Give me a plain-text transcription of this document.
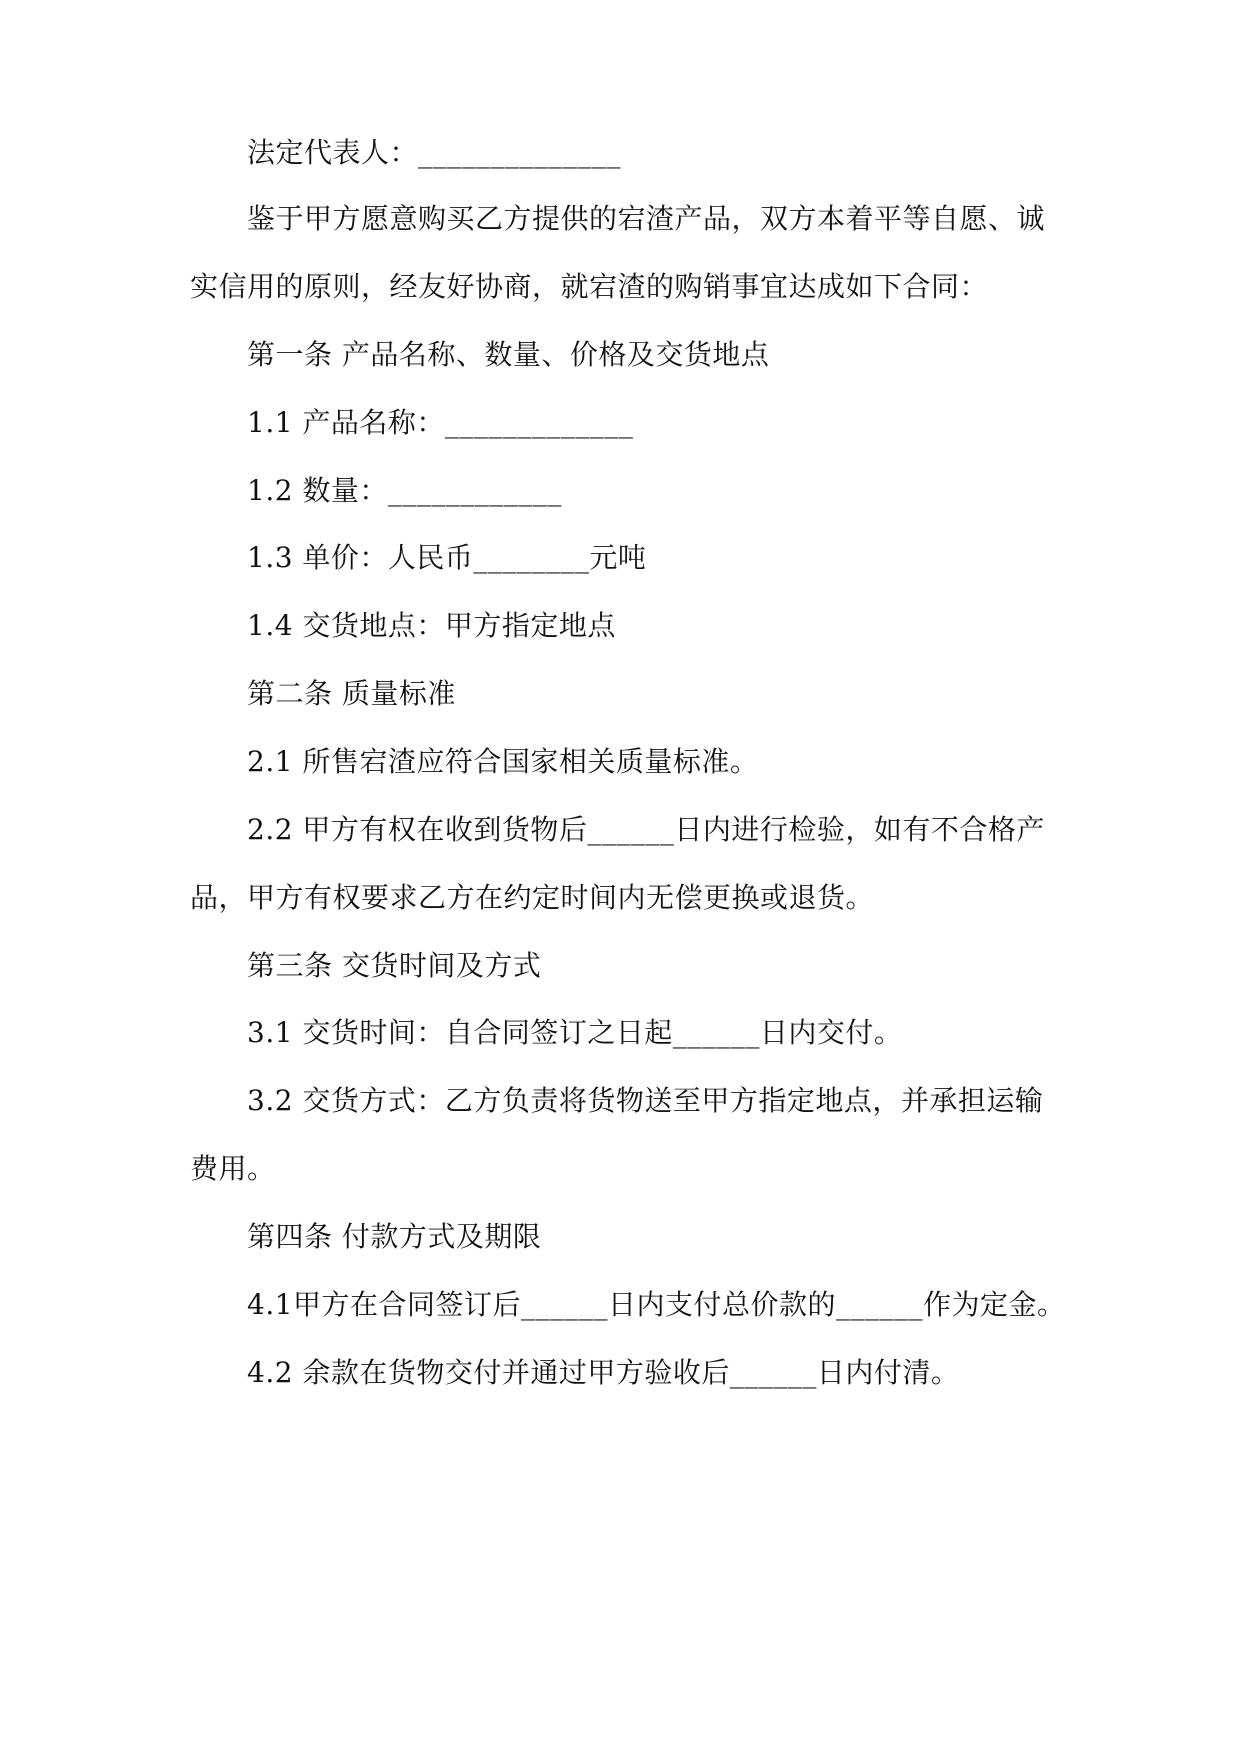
法定代表人：______________

鉴于甲方愿意购买乙方提供的宕渣产品，双方本着平等自愿、诚

实信用的原则，经友好协商，就宕渣的购销事宜达成如下合同：

第一条 产品名称、数量、价格及交货地点

1.1 产品名称：_____________

1.2 数量：____________

1.3 单价：人民币________元吨

1.4 交货地点：甲方指定地点

第二条 质量标准

2.1 所售宕渣应符合国家相关质量标准。

2.2 甲方有权在收到货物后______日内进行检验，如有不合格产

品，甲方有权要求乙方在约定时间内无偿更换或退货。

第三条 交货时间及方式

3.1 交货时间：自合同签订之日起______日内交付。

3.2 交货方式：乙方负责将货物送至甲方指定地点，并承担运输

费用。

第四条 付款方式及期限

4.1甲方在合同签订后______日内支付总价款的______作为定金。

4.2 余款在货物交付并通过甲方验收后______日内付清。
